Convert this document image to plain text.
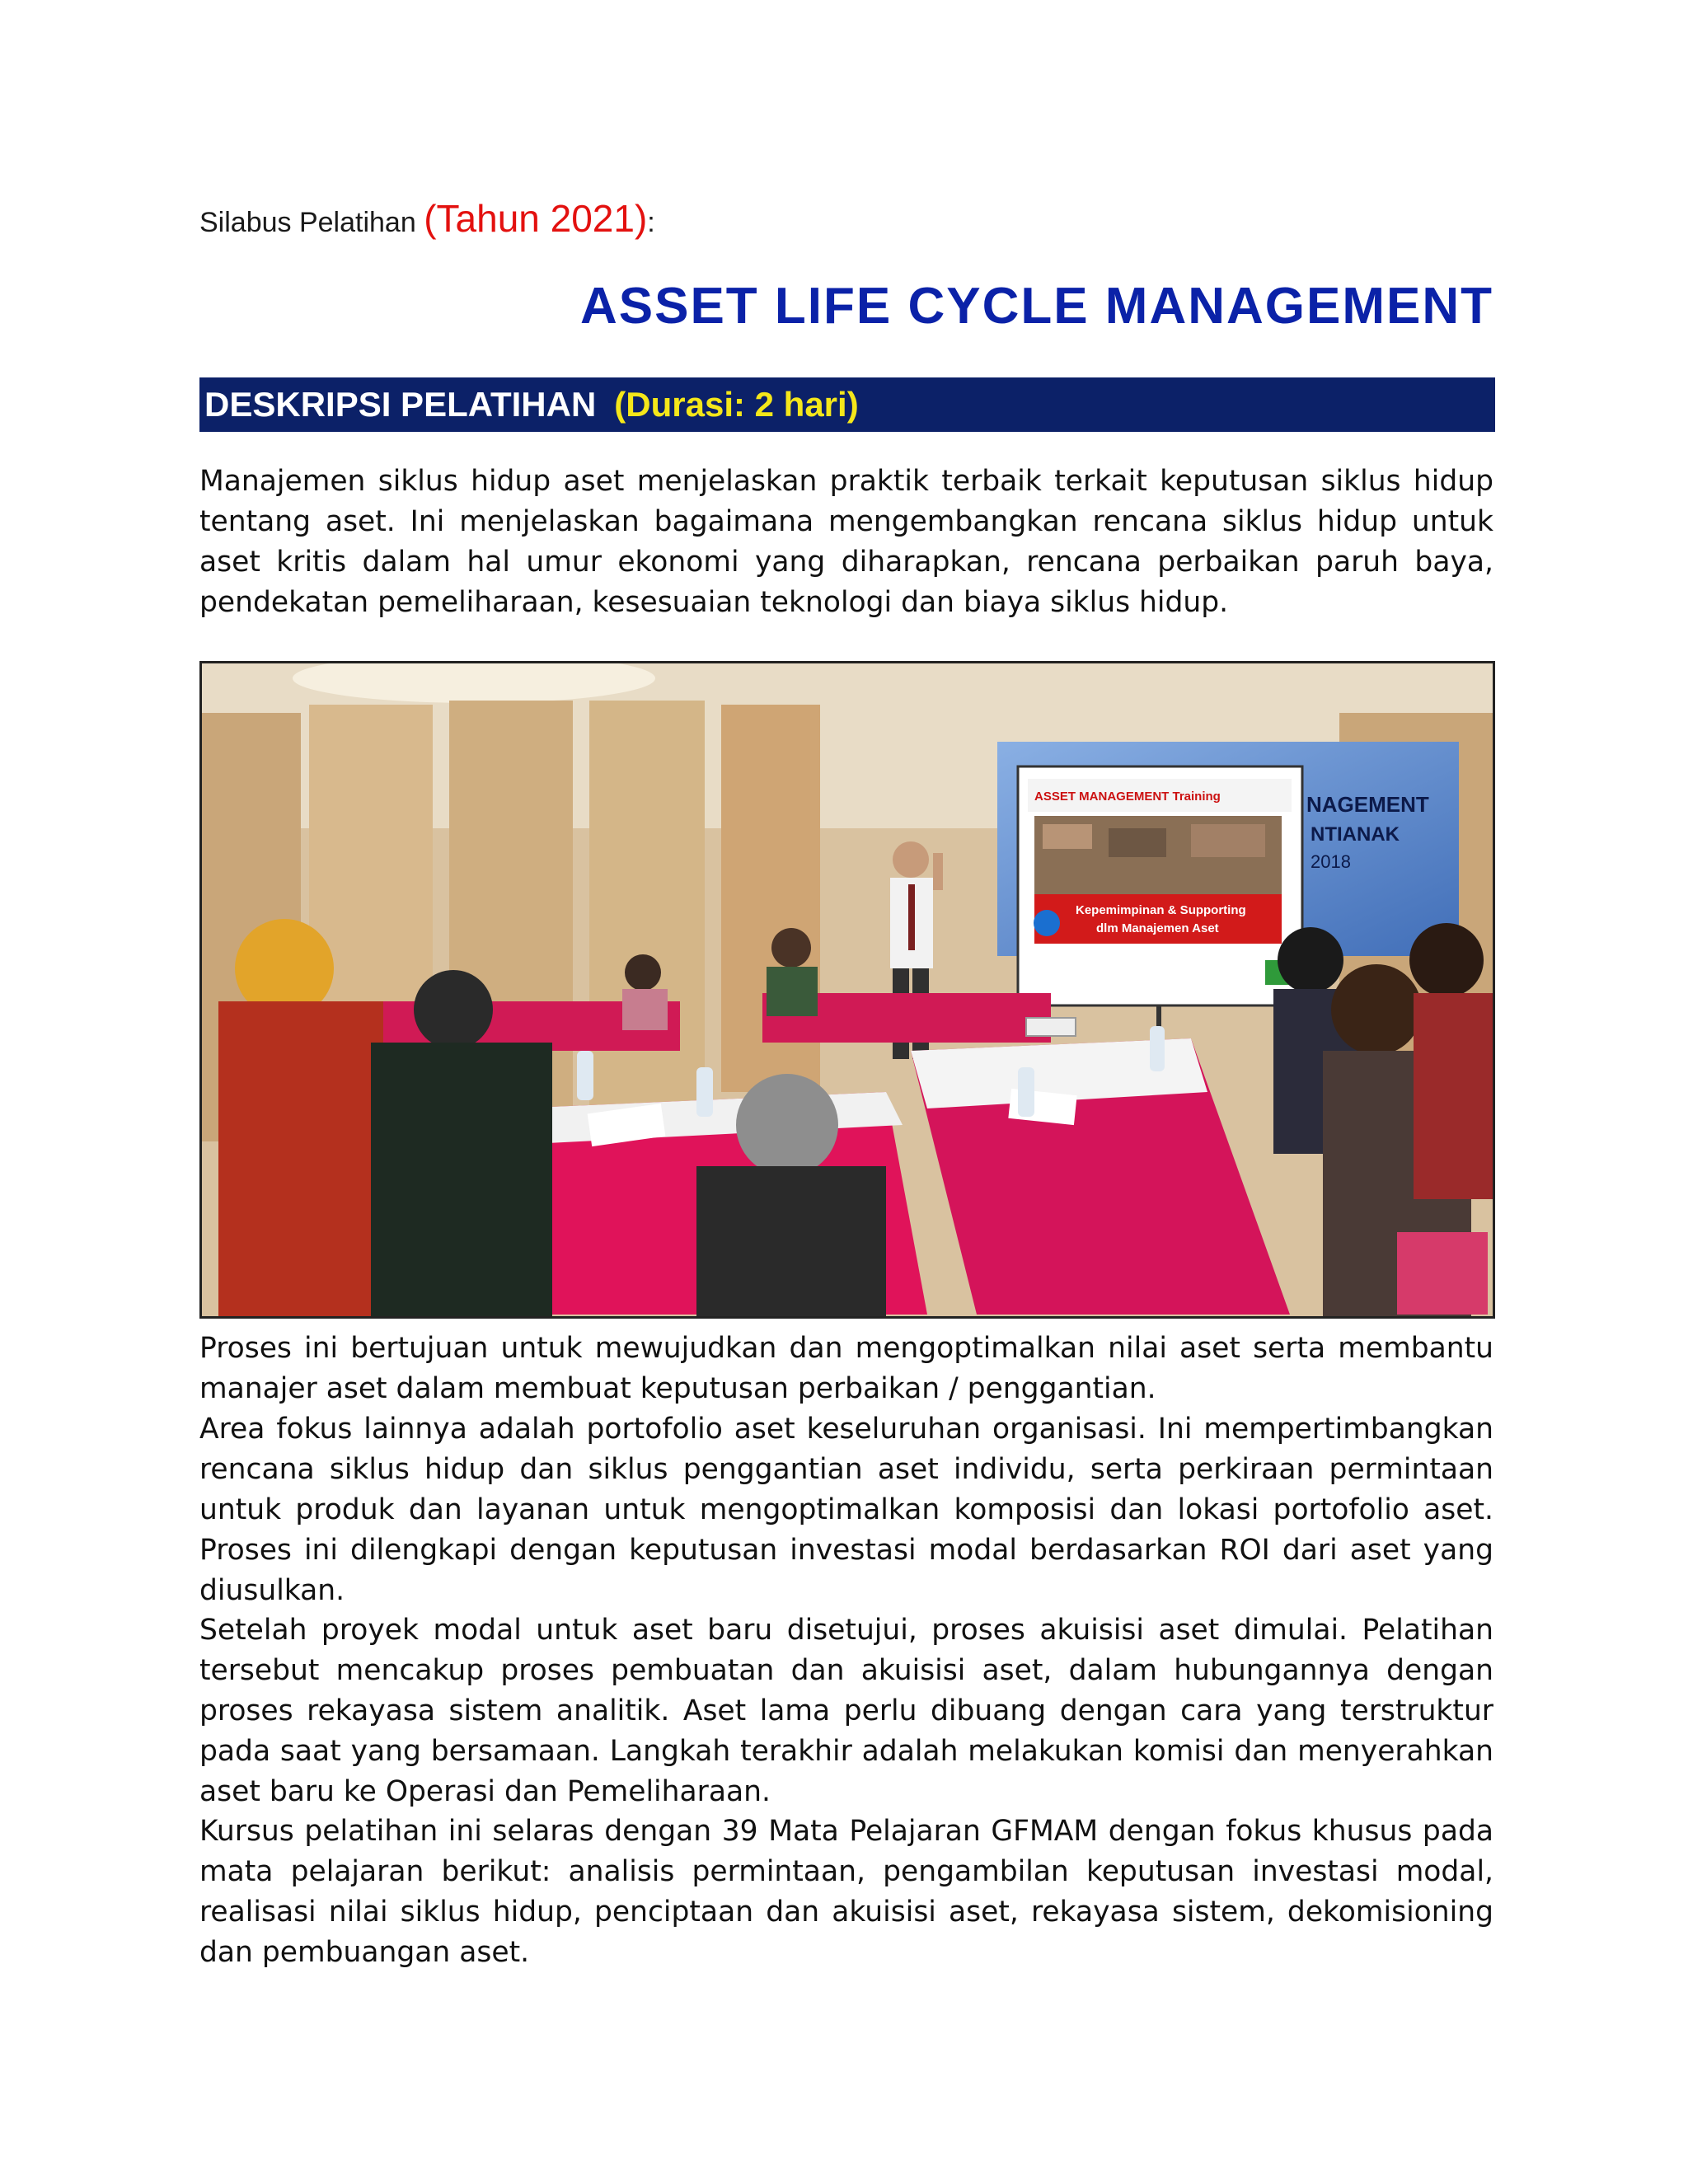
Silabus Pelatihan (Tahun 2021):
ASSET LIFE CYCLE MANAGEMENT
DESKRIPSI PELATIHAN (Durasi: 2 hari)

Manajemen siklus hidup aset menjelaskan praktik terbaik terkait keputusan siklus hidup tentang aset. Ini menjelaskan bagaimana mengembangkan rencana siklus hidup untuk aset kritis dalam hal umur ekonomi yang diharapkan, rencana perbaikan paruh baya, pendekatan pemeliharaan, kesesuaian teknologi dan biaya siklus hidup.

NAGEMENT
NTIANAK
2018
ASSET MANAGEMENT Training
Kepemimpinan & Supporting
dlm Manajemen Aset

Proses ini bertujuan untuk mewujudkan dan mengoptimalkan nilai aset serta membantu manajer aset dalam membuat keputusan perbaikan / penggantian.

Area fokus lainnya adalah portofolio aset keseluruhan organisasi. Ini mempertimbangkan rencana siklus hidup dan siklus penggantian aset individu, serta perkiraan permintaan untuk produk dan layanan untuk mengoptimalkan komposisi dan lokasi portofolio aset. Proses ini dilengkapi dengan keputusan investasi modal berdasarkan ROI dari aset yang diusulkan.

Setelah proyek modal untuk aset baru disetujui, proses akuisisi aset dimulai. Pelatihan tersebut mencakup proses pembuatan dan akuisisi aset, dalam hubungannya dengan proses rekayasa sistem analitik. Aset lama perlu dibuang dengan cara yang terstruktur pada saat yang bersamaan. Langkah terakhir adalah melakukan komisi dan menyerahkan aset baru ke Operasi dan Pemeliharaan.

Kursus pelatihan ini selaras dengan 39 Mata Pelajaran GFMAM dengan fokus khusus pada mata pelajaran berikut: analisis permintaan, pengambilan keputusan investasi modal, realisasi nilai siklus hidup, penciptaan dan akuisisi aset, rekayasa sistem, dekomisioning dan pembuangan aset.
